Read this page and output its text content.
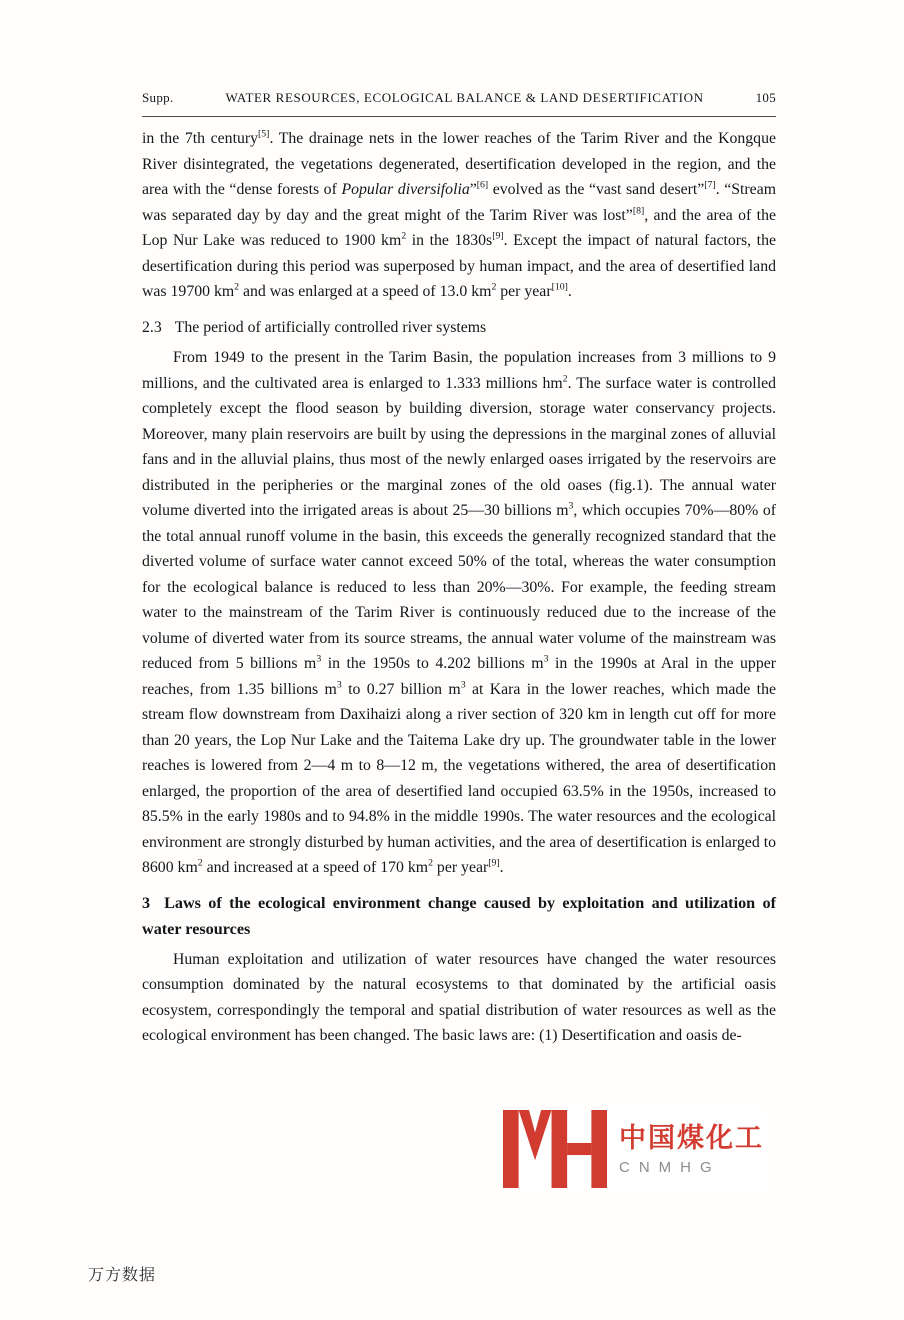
Supp.	WATER RESOURCES, ECOLOGICAL BALANCE & LAND DESERTIFICATION	105

in the 7th century[5]. The drainage nets in the lower reaches of the Tarim River and the Kongque River disintegrated, the vegetations degenerated, desertification developed in the region, and the area with the “dense forests of Popular diversifolia”[6] evolved as the “vast sand desert”[7]. “Stream was separated day by day and the great might of the Tarim River was lost”[8], and the area of the Lop Nur Lake was reduced to 1900 $km^2$ in the 1830s[9]. Except the impact of natural factors, the desertification during this period was superposed by human impact, and the area of desertified land was 19700 $km^2$ and was enlarged at a speed of 13.0 $km^2$ per year[10].

2.3 The period of artificially controlled river systems

From 1949 to the present in the Tarim Basin, the population increases from 3 millions to 9 millions, and the cultivated area is enlarged to 1.333 millions $hm^2$. The surface water is controlled completely except the flood season by building diversion, storage water conservancy projects. Moreover, many plain reservoirs are built by using the depressions in the marginal zones of alluvial fans and in the alluvial plains, thus most of the newly enlarged oases irrigated by the reservoirs are distributed in the peripheries or the marginal zones of the old oases (fig.1). The annual water volume diverted into the irrigated areas is about 25—30 billions $m^3$, which occupies 70%—80% of the total annual runoff volume in the basin, this exceeds the generally recognized standard that the diverted volume of surface water cannot exceed 50% of the total, whereas the water consumption for the ecological balance is reduced to less than 20%—30%. For example, the feeding stream water to the mainstream of the Tarim River is continuously reduced due to the increase of the volume of diverted water from its source streams, the annual water volume of the mainstream was reduced from 5 billions $m^3$ in the 1950s to 4.202 billions $m^3$ in the 1990s at Aral in the upper reaches, from 1.35 billions $m^3$ to 0.27 billion $m^3$ at Kara in the lower reaches, which made the stream flow downstream from Daxihaizi along a river section of 320 km in length cut off for more than 20 years, the Lop Nur Lake and the Taitema Lake dry up. The groundwater table in the lower reaches is lowered from 2—4 m to 8—12 m, the vegetations withered, the area of desertification enlarged, the proportion of the area of desertified land occupied 63.5% in the 1950s, increased to 85.5% in the early 1980s and to 94.8% in the middle 1990s. The water resources and the ecological environment are strongly disturbed by human activities, and the area of desertification is enlarged to 8600 $km^2$ and increased at a speed of 170 $km^2$ per year[9].

3 Laws of the ecological environment change caused by exploitation and utilization of water resources

Human exploitation and utilization of water resources have changed the water resources consumption dominated by the natural ecosystems to that dominated by the artificial oasis ecosystem, correspondingly the temporal and spatial distribution of water resources as well as the ecological environment has been changed. The basic laws are: (1) Desertification and oasis de-

中国煤化工
CNMHG
万方数据
